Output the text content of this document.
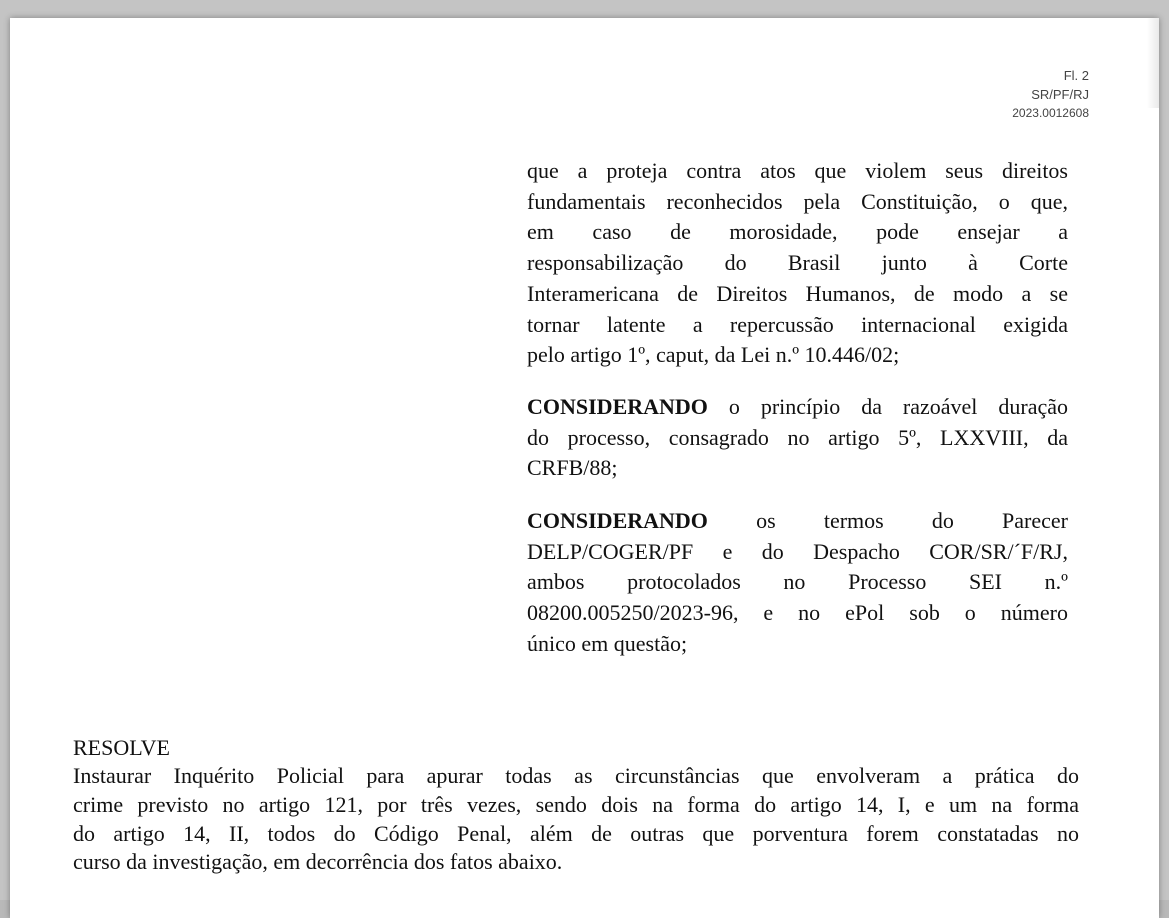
Fl. 2
SR/PF/RJ
2023.0012608
que a proteja contra atos que violem seus direitos
fundamentais reconhecidos pela Constituição, o que,
em caso de morosidade, pode ensejar a
responsabilização do Brasil junto à Corte
Interamericana de Direitos Humanos, de modo a se
tornar latente a repercussão internacional exigida
pelo artigo 1º, caput, da Lei n.º 10.446/02;
CONSIDERANDO o princípio da razoável duração
do processo, consagrado no artigo 5º, LXXVIII, da
CRFB/88;
CONSIDERANDO os termos do Parecer
DELP/COGER/PF e do Despacho COR/SR/´F/RJ,
ambos protocolados no Processo SEI n.º
08200.005250/2023-96, e no ePol sob o número
único em questão;
RESOLVE
Instaurar Inquérito Policial para apurar todas as circunstâncias que envolveram a prática do
crime previsto no artigo 121, por três vezes, sendo dois na forma do artigo 14, I, e um na forma
do artigo 14, II, todos do Código Penal, além de outras que porventura forem constatadas no
curso da investigação, em decorrência dos fatos abaixo.
